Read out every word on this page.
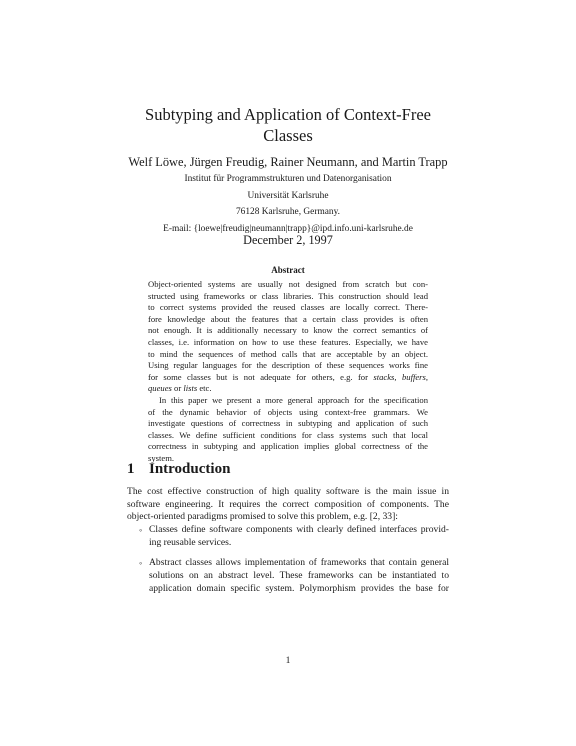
Subtyping and Application of Context-Free
Classes
Welf Löwe, Jürgen Freudig, Rainer Neumann, and Martin Trapp
Institut für Programmstrukturen und Datenorganisation
Universität Karlsruhe
76128 Karlsruhe, Germany.
E-mail: {loewe|freudig|neumann|trapp}@ipd.info.uni-karlsruhe.de
December 2, 1997
Abstract
Object-oriented systems are usually not designed from scratch but con-
structed using frameworks or class libraries. This construction should lead
to correct systems provided the reused classes are locally correct. There-
fore knowledge about the features that a certain class provides is often
not enough. It is additionally necessary to know the correct semantics of
classes, i.e. information on how to use these features. Especially, we have
to mind the sequences of method calls that are acceptable by an object.
Using regular languages for the description of these sequences works fine
for some classes but is not adequate for others, e.g. for stacks, buffers,
queues or lists etc.
In this paper we present a more general approach for the specification
of the dynamic behavior of objects using context-free grammars. We
investigate questions of correctness in subtyping and application of such
classes. We define sufficient conditions for class systems such that local
correctness in subtyping and application implies global correctness of the
system.
1 Introduction
The cost effective construction of high quality software is the main issue in
software engineering. It requires the correct composition of components. The
object-oriented paradigms promised to solve this problem, e.g. [2, 33]:
◦ Classes define software components with clearly defined interfaces provid-
ing reusable services.
◦ Abstract classes allows implementation of frameworks that contain general
solutions on an abstract level. These frameworks can be instantiated to
application domain specific system. Polymorphism provides the base for
1
